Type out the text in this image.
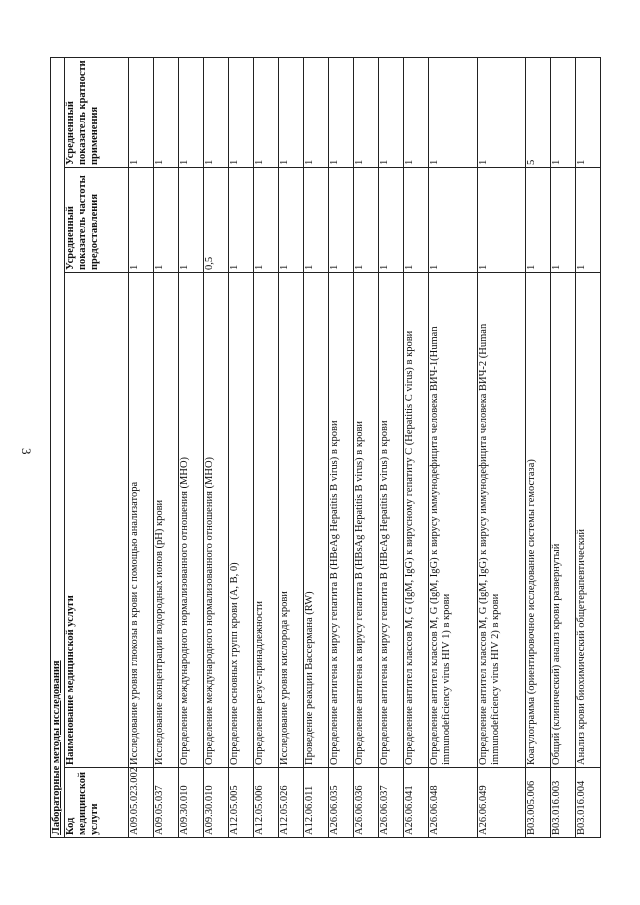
3
Лабораторные методы исследования			
Код медицинской услуги	Наименование медицинской услуги	Усредненный показатель частоты предоставления	Усредненный показатель кратности применения
A09.05.023.002	Исследование уровня глюкозы в крови с помощью анализатора	1	1
A09.05.037	Исследование концентрации водородных ионов (pH) крови	1	1
A09.30.010	Определение международного нормализованного отношения (МНО)	1	1
A09.30.010	Определение международного нормализованного отношения (МНО)	0,5	1
A12.05.005	Определение основных групп крови (A, B, 0)	1	1
A12.05.006	Определение резус-принадлежности	1	1
A12.05.026	Исследование уровня кислорода крови	1	1
A12.06.011	Проведение реакции Вассермана (RW)	1	1
A26.06.035	Определение антигена к вирусу гепатита B (HBeAg Hepatitis B virus) в крови	1	1
A26.06.036	Определение антигена к вирусу гепатита B (HBsAg Hepatitis B virus) в крови	1	1
A26.06.037	Определение антигена к вирусу гепатита B (HBcAg Hepatitis B virus) в крови	1	1
A26.06.041	Определение антител классов M, G (IgM, IgG) к вирусному гепатиту C (Hepatitis C virus) в крови	1	1
A26.06.048	Определение антител классов M, G (IgM, IgG) к вирусу иммунодефицита человека ВИЧ-1(Human immunodeficiency virus HIV 1) в крови	1	1
A26.06.049	Определение антител классов M, G (IgM, IgG) к вирусу иммунодефицита человека ВИЧ-2 (Human immunodeficiency virus HIV 2) в крови	1	1
B03.005.006	Коагулограмма (ориентировочное исследование системы гемостаза)	1	5
B03.016.003	Общий (клинический) анализ крови развернутый	1	1
B03.016.004	Анализ крови биохимический общетерапевтический	1	1
